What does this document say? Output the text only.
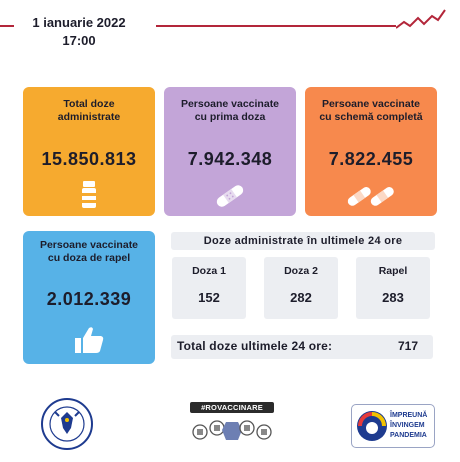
1 ianuarie 2022
17:00
Total doze
administrate
15.850.813
Persoane vaccinate
cu prima doza
7.942.348
Persoane vaccinate
cu schemă completă
7.822.455
Persoane vaccinate
cu doza de rapel
2.012.339
Doze administrate în ultimele 24 ore
Doza 1
152
Doza 2
282
Rapel
283
Total doze ultimele 24 ore:	717
#ROVACCINARE
ÎMPREUNĂ
ÎNVINGEM
PANDEMIA
